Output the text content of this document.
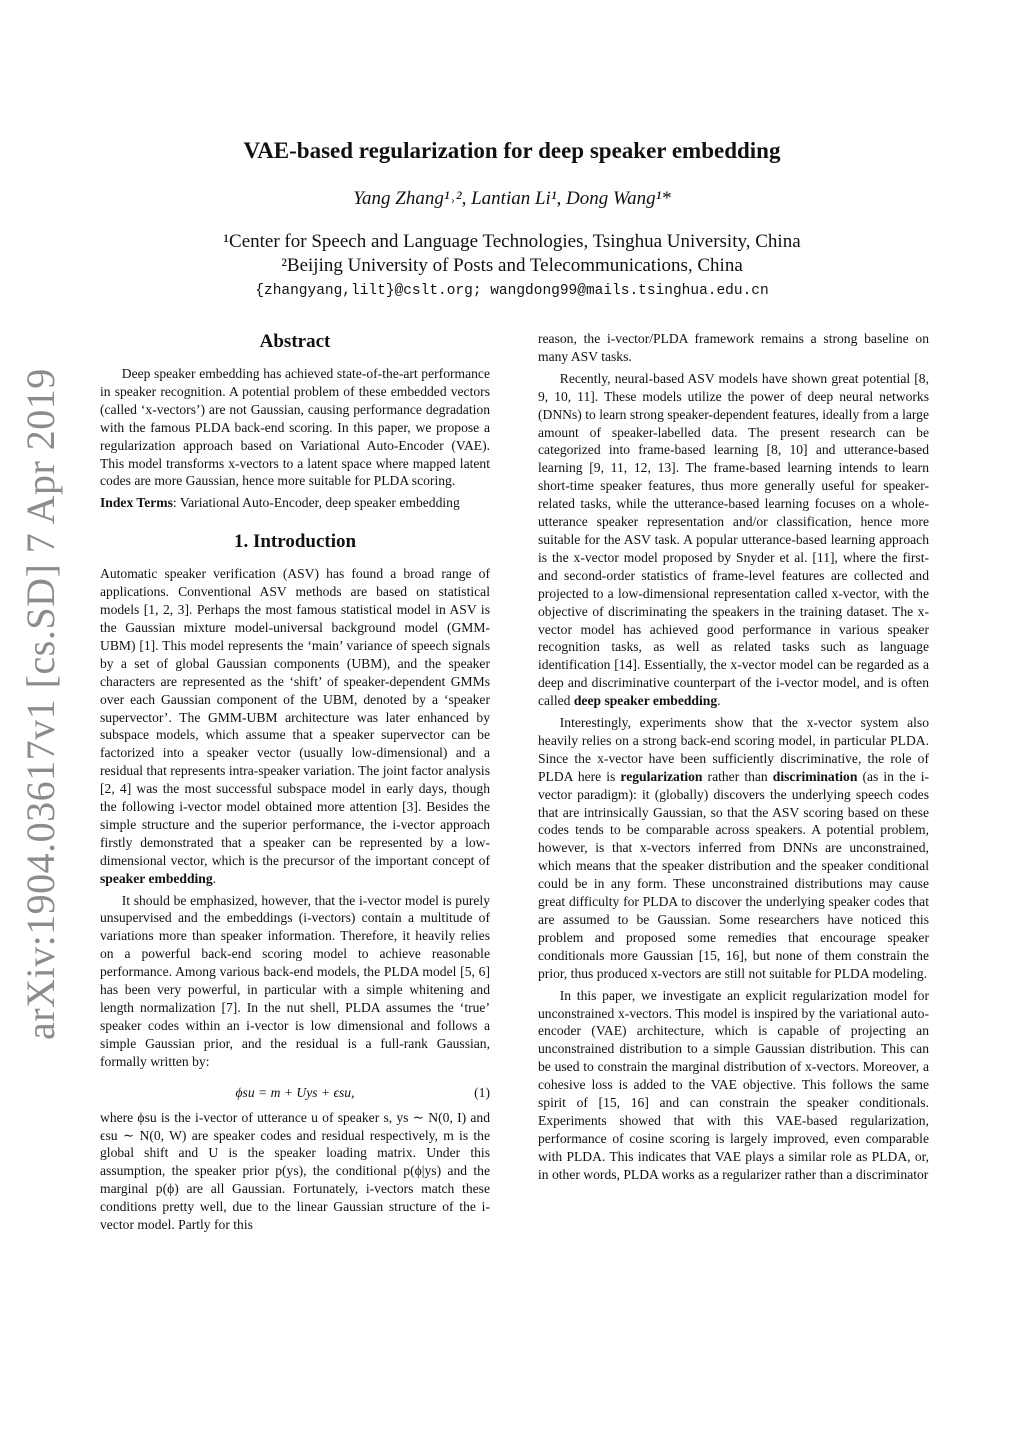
arXiv:1904.03617v1 [cs.SD] 7 Apr 2019
VAE-based regularization for deep speaker embedding
Yang Zhang¹˒², Lantian Li¹, Dong Wang¹*
¹Center for Speech and Language Technologies, Tsinghua University, China
²Beijing University of Posts and Telecommunications, China
{zhangyang,lilt}@cslt.org; wangdong99@mails.tsinghua.edu.cn
Abstract

Deep speaker embedding has achieved state-of-the-art performance in speaker recognition. A potential problem of these embedded vectors (called ‘x-vectors’) are not Gaussian, causing performance degradation with the famous PLDA back-end scoring. In this paper, we propose a regularization approach based on Variational Auto-Encoder (VAE). This model transforms x-vectors to a latent space where mapped latent codes are more Gaussian, hence more suitable for PLDA scoring.

Index Terms: Variational Auto-Encoder, deep speaker embedding

1. Introduction

Automatic speaker verification (ASV) has found a broad range of applications. Conventional ASV methods are based on statistical models [1, 2, 3]. Perhaps the most famous statistical model in ASV is the Gaussian mixture model-universal background model (GMM-UBM) [1]. This model represents the ‘main’ variance of speech signals by a set of global Gaussian components (UBM), and the speaker characters are represented as the ‘shift’ of speaker-dependent GMMs over each Gaussian component of the UBM, denoted by a ‘speaker supervector’. The GMM-UBM architecture was later enhanced by subspace models, which assume that a speaker supervector can be factorized into a speaker vector (usually low-dimensional) and a residual that represents intra-speaker variation. The joint factor analysis [2, 4] was the most successful subspace model in early days, though the following i-vector model obtained more attention [3]. Besides the simple structure and the superior performance, the i-vector approach firstly demonstrated that a speaker can be represented by a low-dimensional vector, which is the precursor of the important concept of speaker embedding.

It should be emphasized, however, that the i-vector model is purely unsupervised and the embeddings (i-vectors) contain a multitude of variations more than speaker information. Therefore, it heavily relies on a powerful back-end scoring model to achieve reasonable performance. Among various back-end models, the PLDA model [5, 6] has been very powerful, in particular with a simple whitening and length normalization [7]. In the nut shell, PLDA assumes the ‘true’ speaker codes within an i-vector is low dimensional and follows a simple Gaussian prior, and the residual is a full-rank Gaussian, formally written by:

ϕsu = m + Uys + ϵsu,	(1)

where ϕsu is the i-vector of utterance u of speaker s, ys ∼ N(0, I) and ϵsu ∼ N(0, W) are speaker codes and residual respectively, m is the global shift and U is the speaker loading matrix. Under this assumption, the speaker prior p(ys), the conditional p(ϕ|ys) and the marginal p(ϕ) are all Gaussian. Fortunately, i-vectors match these conditions pretty well, due to the linear Gaussian structure of the i-vector model. Partly for this

reason, the i-vector/PLDA framework remains a strong baseline on many ASV tasks.

Recently, neural-based ASV models have shown great potential [8, 9, 10, 11]. These models utilize the power of deep neural networks (DNNs) to learn strong speaker-dependent features, ideally from a large amount of speaker-labelled data. The present research can be categorized into frame-based learning [8, 10] and utterance-based learning [9, 11, 12, 13]. The frame-based learning intends to learn short-time speaker features, thus more generally useful for speaker-related tasks, while the utterance-based learning focuses on a whole-utterance speaker representation and/or classification, hence more suitable for the ASV task. A popular utterance-based learning approach is the x-vector model proposed by Snyder et al. [11], where the first- and second-order statistics of frame-level features are collected and projected to a low-dimensional representation called x-vector, with the objective of discriminating the speakers in the training dataset. The x-vector model has achieved good performance in various speaker recognition tasks, as well as related tasks such as language identification [14]. Essentially, the x-vector model can be regarded as a deep and discriminative counterpart of the i-vector model, and is often called deep speaker embedding.

Interestingly, experiments show that the x-vector system also heavily relies on a strong back-end scoring model, in particular PLDA. Since the x-vector have been sufficiently discriminative, the role of PLDA here is regularization rather than discrimination (as in the i-vector paradigm): it (globally) discovers the underlying speech codes that are intrinsically Gaussian, so that the ASV scoring based on these codes tends to be comparable across speakers. A potential problem, however, is that x-vectors inferred from DNNs are unconstrained, which means that the speaker distribution and the speaker conditional could be in any form. These unconstrained distributions may cause great difficulty for PLDA to discover the underlying speaker codes that are assumed to be Gaussian. Some researchers have noticed this problem and proposed some remedies that encourage speaker conditionals more Gaussian [15, 16], but none of them constrain the prior, thus produced x-vectors are still not suitable for PLDA modeling.

In this paper, we investigate an explicit regularization model for unconstrained x-vectors. This model is inspired by the variational auto-encoder (VAE) architecture, which is capable of projecting an unconstrained distribution to a simple Gaussian distribution. This can be used to constrain the marginal distribution of x-vectors. Moreover, a cohesive loss is added to the VAE objective. This follows the same spirit of [15, 16] and can constrain the speaker conditionals. Experiments showed that with this VAE-based regularization, performance of cosine scoring is largely improved, even comparable with PLDA. This indicates that VAE plays a similar role as PLDA, or, in other words, PLDA works as a regularizer rather than a discriminator
